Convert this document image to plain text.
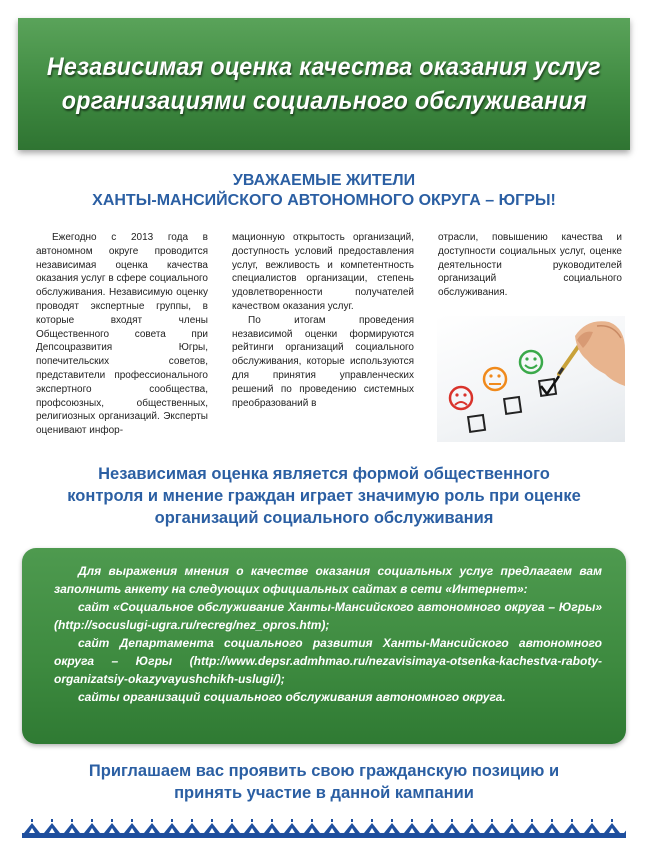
Независимая оценка качества оказания услуг
организациями социального обслуживания
УВАЖАЕМЫЕ ЖИТЕЛИ
ХАНТЫ-МАНСИЙСКОГО АВТОНОМНОГО ОКРУГА – ЮГРЫ!

Ежегодно с 2013 года в автономном округе проводится независимая оценка качества оказания услуг в сфере социального обслуживания. Независимую оценку проводят экспертные группы, в которые входят члены Общественного совета при Депсоцразвития Югры, попечительских советов, представители профессионального экспертного сообщества, профсоюзных, общественных, религиозных организаций. Эксперты оценивают инфор-

мационную открытость организаций, доступность условий предоставления услуг, вежливость и компетентность специалистов организации, степень удовлетворенности получателей качеством оказания услуг.

По итогам проведения независимой оценки формируются рейтинги организаций социального обслуживания, которые используются для принятия управленческих решений по проведению системных преобразований в

отрасли, повышению качества и доступности социальных услуг, оценке деятельности руководителей организаций социального обслуживания.

Независимая оценка является формой общественного
контроля и мнение граждан играет значимую роль при оценке
организаций социального обслуживания

Для выражения мнения о качестве оказания социальных услуг предлагаем вам заполнить анкету на следующих официальных сайтах в сети «Интернет»:

сайт «Социальное обслуживание Ханты-Мансийского автономного округа – Югры» (http://socuslugi-ugra.ru/recreg/nez_opros.htm);

сайт Департамента социального развития Ханты-Мансийского автономного округа – Югры (http://www.depsr.admhmao.ru/nezavisimaya-otsenka-kachestva-raboty-organizatsiy-okazyvayushchikh-uslugi/);

сайты организаций социального обслуживания автономного округа.

Приглашаем вас проявить свою гражданскую позицию и
принять участие в данной кампании
